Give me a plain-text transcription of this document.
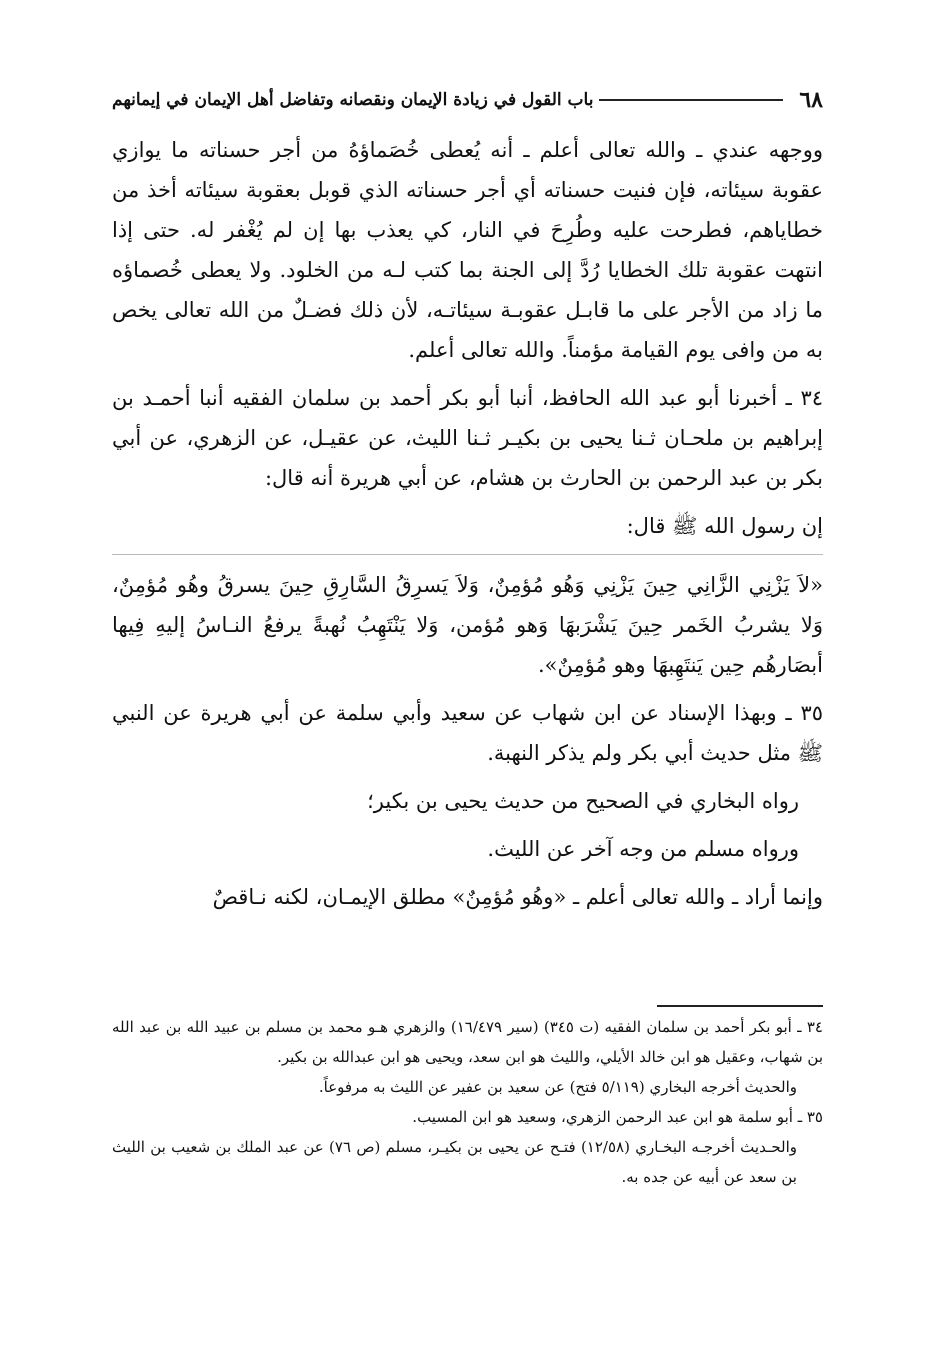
٦٨
باب القول في زيادة الإيمان ونقصانه وتفاضل أهل الإيمان في إيمانهم

ووجهه عندي ـ والله تعالى أعلم ـ أنه يُعطى خُصَماؤهُ من أجر حسناته ما يوازي عقوبة سيئاته، فإن فنيت حسناته أي أجر حسناته الذي قوبل بعقوبة سيئاته أخذ من خطاياهم، فطرحت عليه وطُرِحَ في النار، كي يعذب بها إن لم يُغْفر له. حتى إذا انتهت عقوبة تلك الخطايا رُدَّ إلى الجنة بما كتب لـه من الخلود. ولا يعطى خُصماؤه ما زاد من الأجر على ما قابـل عقوبـة سيئاتـه، لأن ذلك فضـلٌ من الله تعالى يخص به من وافى يوم القيامة مؤمناً. والله تعالى أعلم.

٣٤ ـ أخبرنا أبو عبد الله الحافظ، أنبا أبو بكر أحمد بن سلمان الفقيه أنبا أحمـد بن إبراهيم بن ملحـان ثـنا يحيى بن بكيـر ثـنا الليث، عن عقيـل، عن الزهري، عن أبي بكر بن عبد الرحمن بن الحارث بن هشام، عن أبي هريرة أنه قال:

إن رسول الله ﷺ قال:

«لاَ يَزْنِي الزَّانِي حِينَ يَزْنِي وَهُو مُؤمِنٌ، وَلاَ يَسرِقُ السَّارِقِ حِينَ يسرقُ وهُو مُؤمِنٌ، وَلا يشربُ الخَمر حِينَ يَشْرَبهَا وَهو مُؤمن، وَلا يَنْتَهِبُ نُهبةً يرفعُ النـاسُ إليهِ فِيها أبصَارهُم حِين يَنتَهِبهَا وهو مُؤمِنٌ».

٣٥ ـ وبهذا الإسناد عن ابن شهاب عن سعيد وأبي سلمة عن أبي هريرة عن النبي ﷺ مثل حديث أبي بكر ولم يذكر النهبة.

رواه البخاري في الصحيح من حديث يحيى بن بكير؛

ورواه مسلم من وجه آخر عن الليث.

وإنما أراد ـ والله تعالى أعلم ـ «وهُو مُؤمِنٌ» مطلق الإيمـان، لكنه نـاقصٌ

٣٤ ـ أبو بكر أحمد بن سلمان الفقيه (ت ٣٤٥) (سير ١٦/٤٧٩) والزهري هـو محمد بن مسلم بن عبيد الله بن عبد الله بن شهاب، وعقيل هو ابن خالد الأيلي، والليث هو ابن سعد، ويحيى هو ابن عبدالله بن بكير.

والحديث أخرجه البخاري (٥/١١٩ فتح) عن سعيد بن عفير عن الليث به مرفوعاً.

٣٥ ـ أبو سلمة هو ابن عبد الرحمن الزهري، وسعيد هو ابن المسيب.

والحـديث أخرجـه البخـاري (١٢/٥٨) فتـح عن يحيى بن بكيـر، مسلم (ص ٧٦) عن عبد الملك بن شعيب بن الليث بن سعد عن أبيه عن جده به.
